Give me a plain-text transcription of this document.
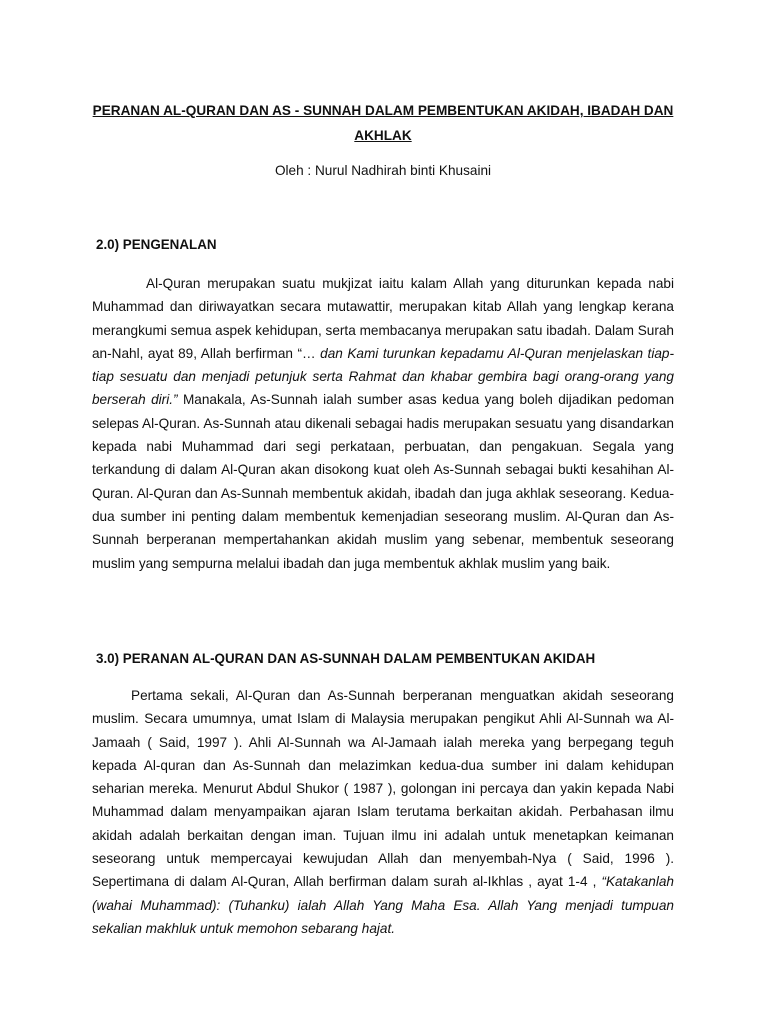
PERANAN AL-QURAN DAN AS - SUNNAH DALAM PEMBENTUKAN AKIDAH, IBADAH DAN AKHLAK
Oleh : Nurul Nadhirah binti Khusaini
2.0) PENGENALAN
Al-Quran merupakan suatu mukjizat iaitu kalam Allah yang diturunkan kepada nabi Muhammad dan diriwayatkan secara mutawattir, merupakan kitab Allah yang lengkap kerana merangkumi semua aspek kehidupan, serta membacanya merupakan satu ibadah. Dalam Surah an-Nahl, ayat 89, Allah berfirman “… dan Kami turunkan kepadamu Al-Quran menjelaskan tiap-tiap sesuatu dan menjadi petunjuk serta Rahmat dan khabar gembira bagi orang-orang yang berserah diri.” Manakala, As-Sunnah ialah sumber asas kedua yang boleh dijadikan pedoman selepas Al-Quran. As-Sunnah atau dikenali sebagai hadis merupakan sesuatu yang disandarkan kepada nabi Muhammad dari segi perkataan, perbuatan, dan pengakuan. Segala yang terkandung di dalam Al-Quran akan disokong kuat oleh As-Sunnah sebagai bukti kesahihan Al-Quran. Al-Quran dan As-Sunnah membentuk akidah, ibadah dan juga akhlak seseorang. Kedua-dua sumber ini penting dalam membentuk kemenjadian seseorang muslim. Al-Quran dan As-Sunnah berperanan mempertahankan akidah muslim yang sebenar, membentuk seseorang muslim yang sempurna melalui ibadah dan juga membentuk akhlak muslim yang baik.
3.0) PERANAN AL-QURAN DAN AS-SUNNAH DALAM PEMBENTUKAN AKIDAH
Pertama sekali, Al-Quran dan As-Sunnah berperanan menguatkan akidah seseorang muslim. Secara umumnya, umat Islam di Malaysia merupakan pengikut Ahli Al-Sunnah wa Al-Jamaah ( Said, 1997 ). Ahli Al-Sunnah wa Al-Jamaah ialah mereka yang berpegang teguh kepada Al-quran dan As-Sunnah dan melazimkan kedua-dua sumber ini dalam kehidupan seharian mereka. Menurut Abdul Shukor ( 1987 ), golongan ini percaya dan yakin kepada Nabi Muhammad dalam menyampaikan ajaran Islam terutama berkaitan akidah. Perbahasan ilmu akidah adalah berkaitan dengan iman. Tujuan ilmu ini adalah untuk menetapkan keimanan seseorang untuk mempercayai kewujudan Allah dan menyembah-Nya ( Said, 1996 ). Sepertimana di dalam Al-Quran, Allah berfirman dalam surah al-Ikhlas , ayat 1-4 , “Katakanlah (wahai Muhammad): (Tuhanku) ialah Allah Yang Maha Esa. Allah Yang menjadi tumpuan sekalian makhluk untuk memohon sebarang hajat.
